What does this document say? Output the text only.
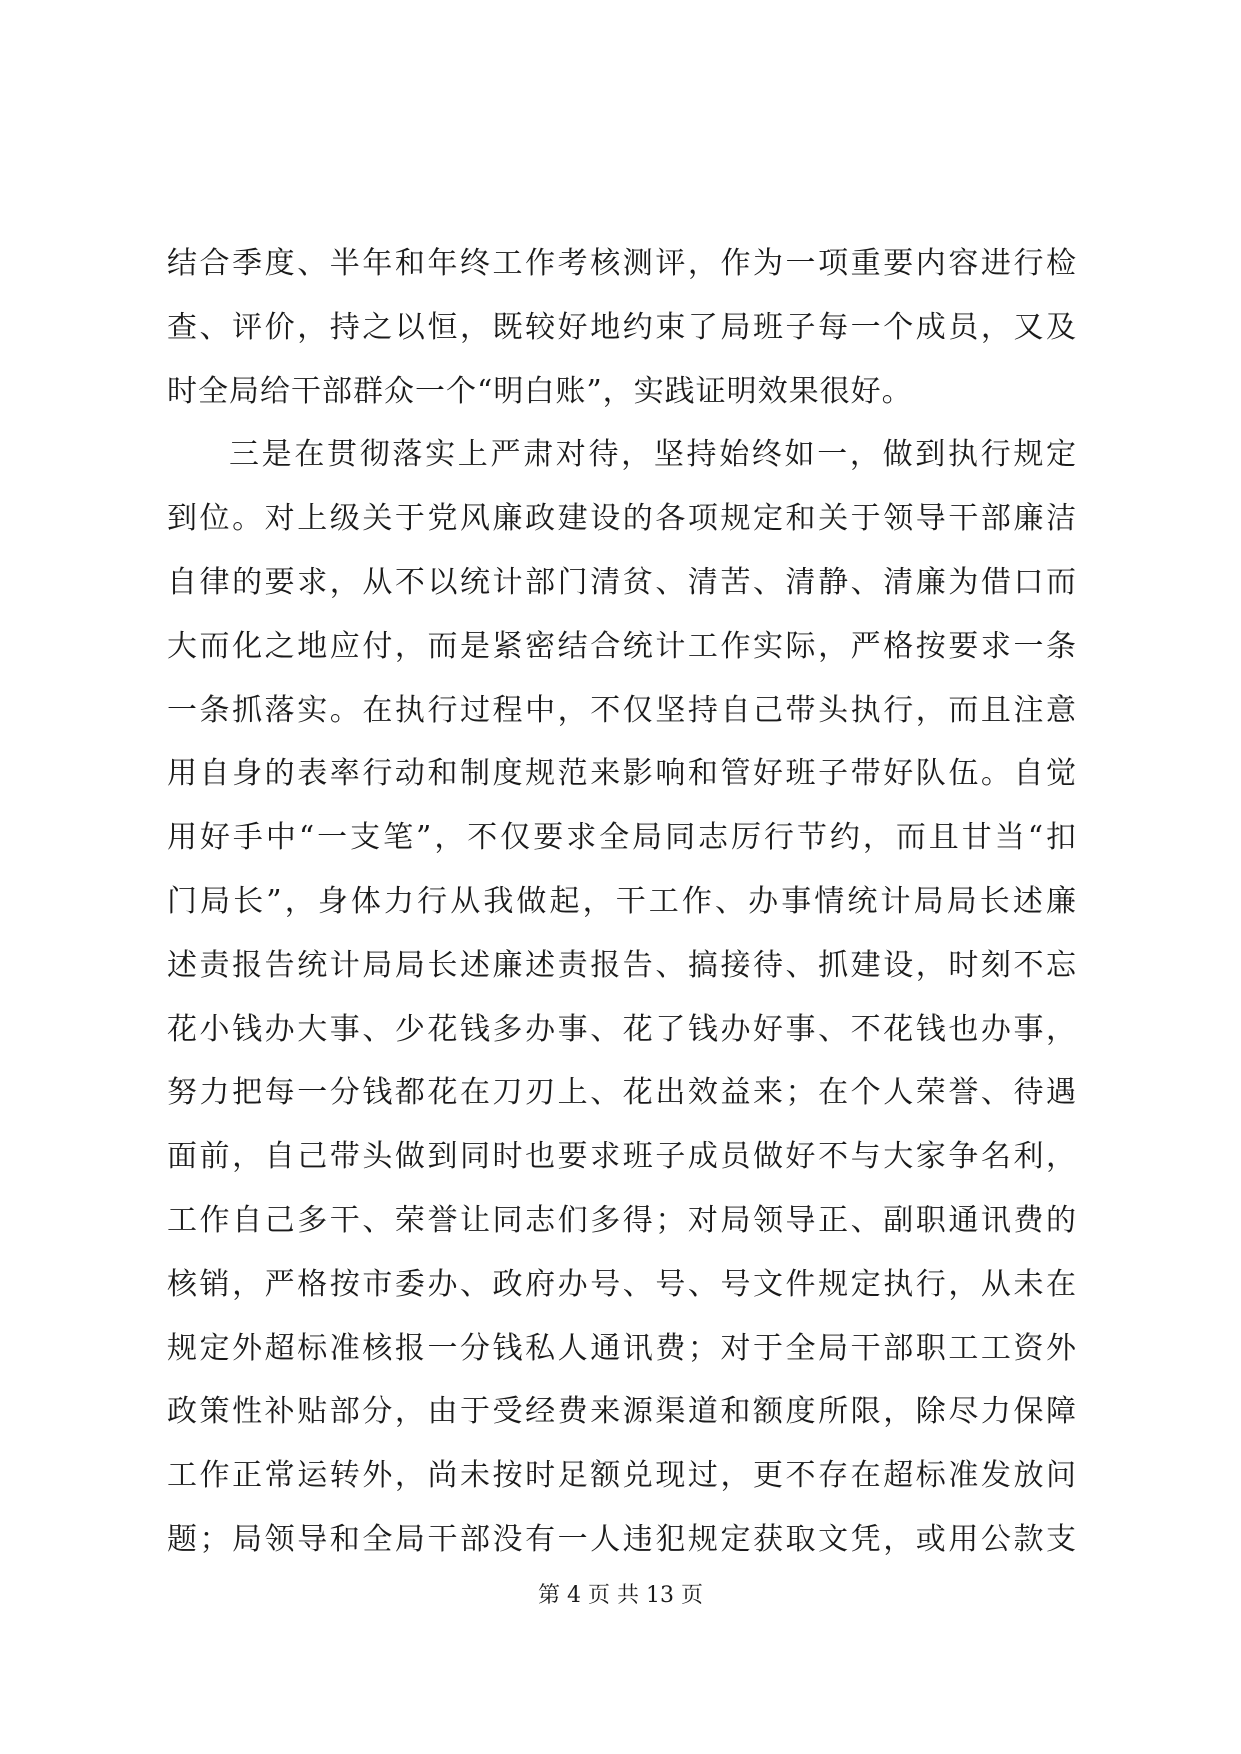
结合季度、半年和年终工作考核测评，作为一项重要内容进行检
查、评价，持之以恒，既较好地约束了局班子每一个成员，又及
时全局给干部群众一个“明白账”，实践证明效果很好。
三是在贯彻落实上严肃对待，坚持始终如一，做到执行规定
到位。对上级关于党风廉政建设的各项规定和关于领导干部廉洁
自律的要求，从不以统计部门清贫、清苦、清静、清廉为借口而
大而化之地应付，而是紧密结合统计工作实际，严格按要求一条
一条抓落实。在执行过程中，不仅坚持自己带头执行，而且注意
用自身的表率行动和制度规范来影响和管好班子带好队伍。自觉
用好手中“一支笔”，不仅要求全局同志厉行节约，而且甘当“扣
门局长”，身体力行从我做起，干工作、办事情统计局局长述廉
述责报告统计局局长述廉述责报告、搞接待、抓建设，时刻不忘
花小钱办大事、少花钱多办事、花了钱办好事、不花钱也办事，
努力把每一分钱都花在刀刃上、花出效益来；在个人荣誉、待遇
面前，自己带头做到同时也要求班子成员做好不与大家争名利，
工作自己多干、荣誉让同志们多得；对局领导正、副职通讯费的
核销，严格按市委办、政府办号、号、号文件规定执行，从未在
规定外超标准核报一分钱私人通讯费；对于全局干部职工工资外
政策性补贴部分，由于受经费来源渠道和额度所限，除尽力保障
工作正常运转外，尚未按时足额兑现过，更不存在超标准发放问
题；局领导和全局干部没有一人违犯规定获取文凭，或用公款支
第 4 页 共 13 页
